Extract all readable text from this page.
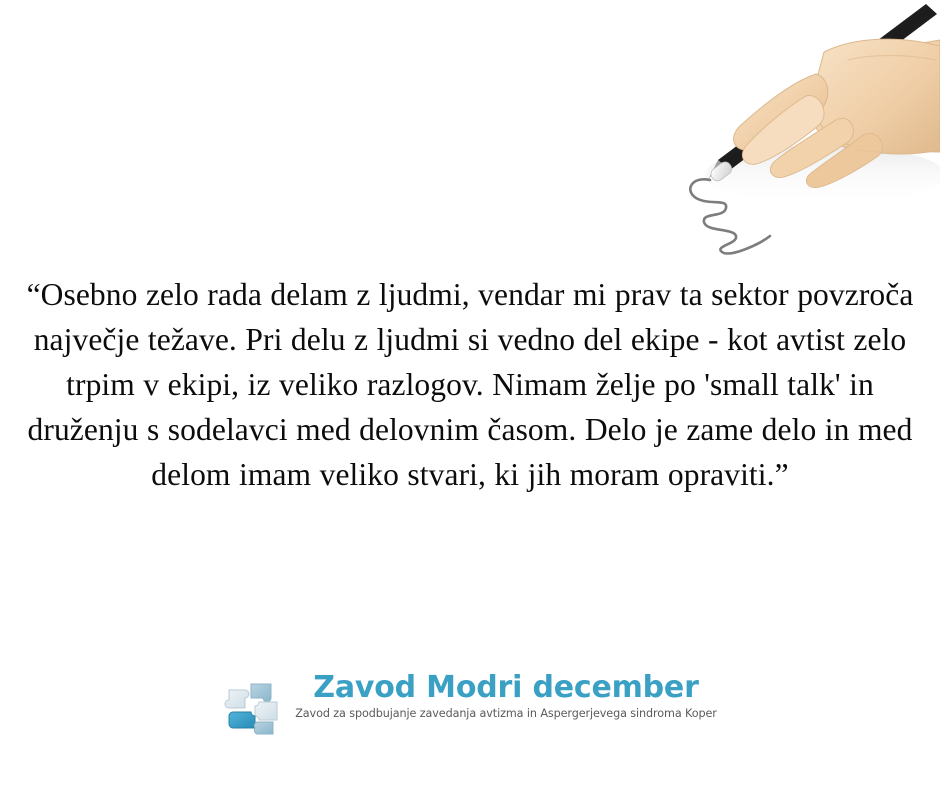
“Osebno zelo rada delam z ljudmi, vendar mi prav ta sektor povzroča največje težave. Pri delu z ljudmi si vedno del ekipe - kot avtist zelo trpim v ekipi, iz veliko razlogov. Nimam želje po 'small talk' in druženju s sodelavci med delovnim časom. Delo je zame delo in med delom imam veliko stvari, ki jih moram opraviti.”

Zavod Modri december
Zavod za spodbujanje zavedanja avtizma in Aspergerjevega sindroma Koper
